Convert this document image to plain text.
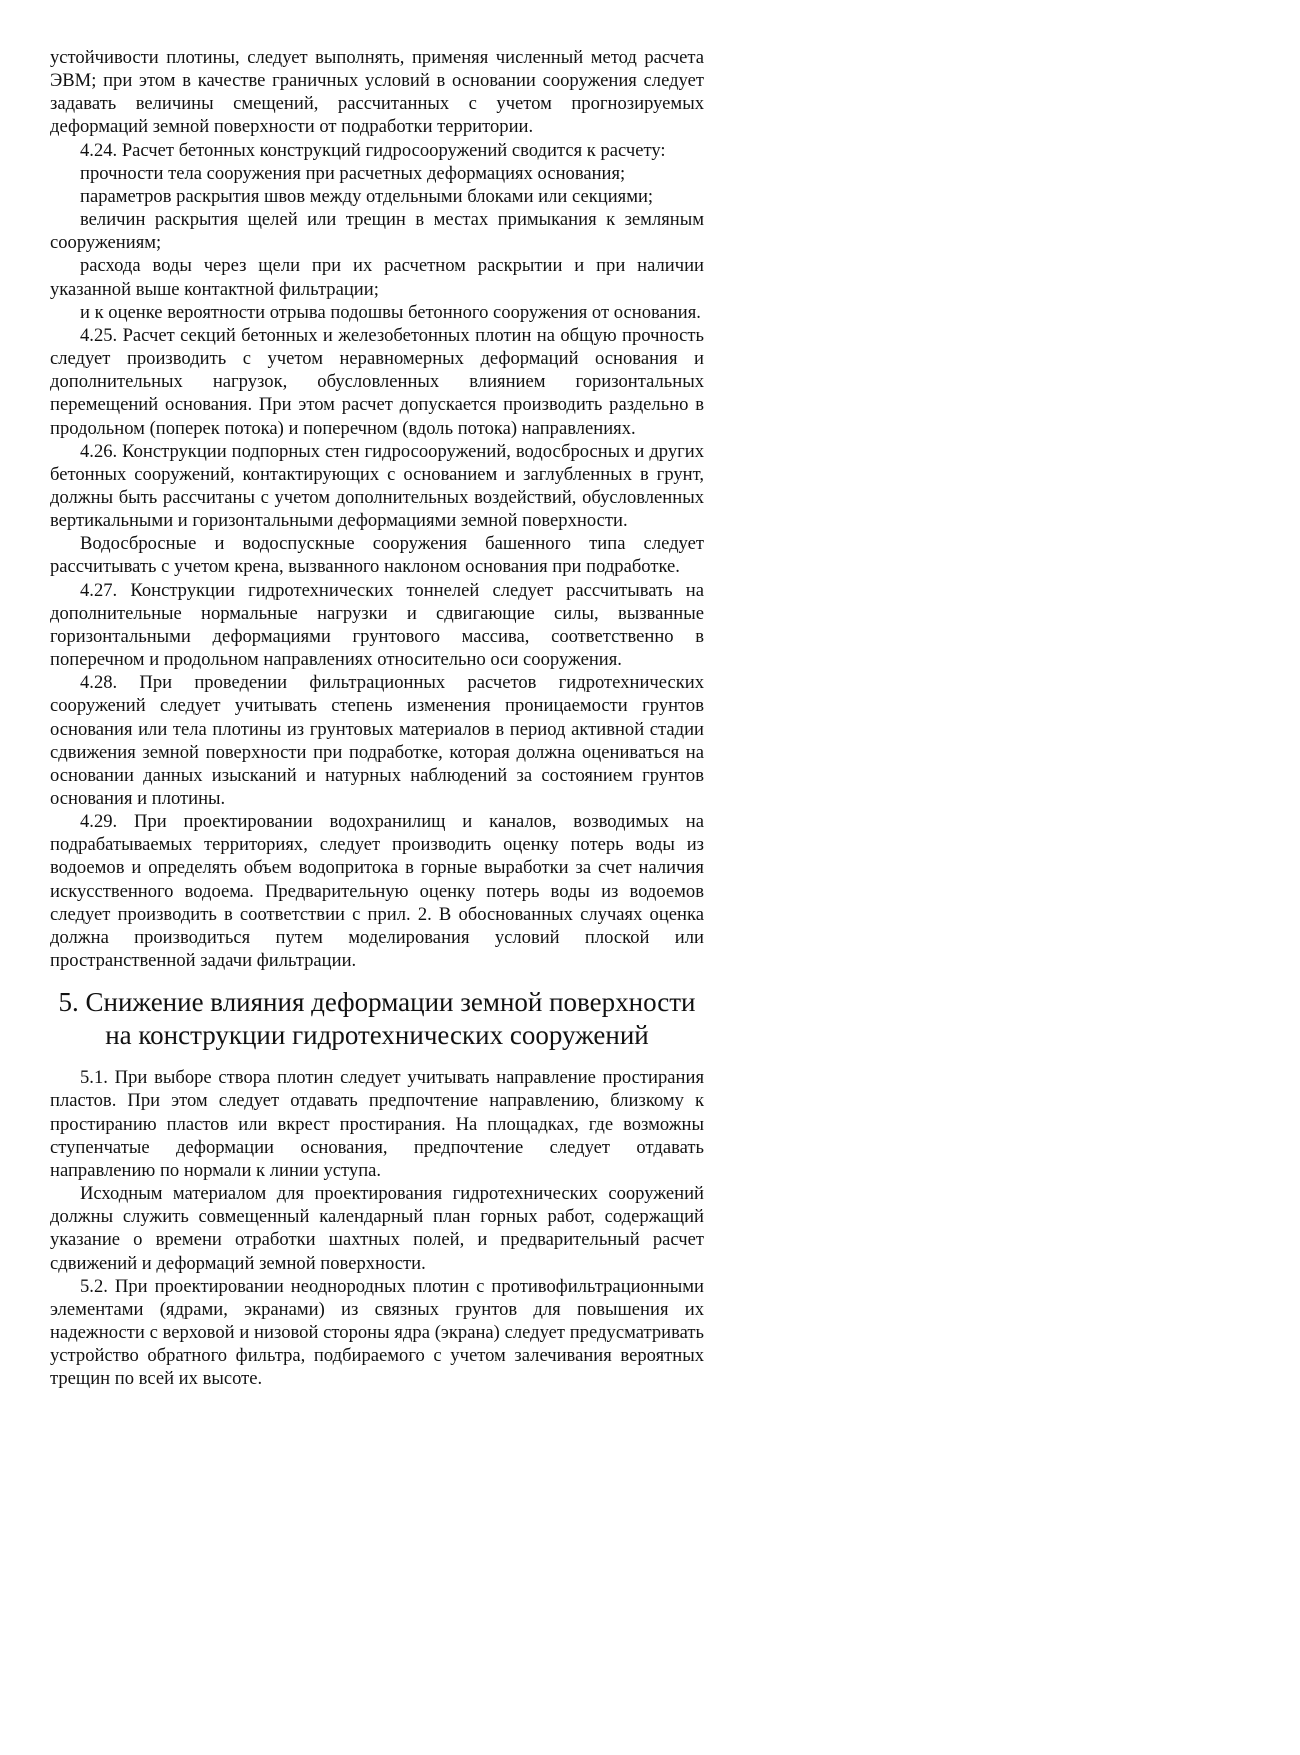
устойчивости плотины, следует выполнять, применяя численный метод расчета ЭВМ; при этом в качестве граничных условий в основании сооружения следует задавать величины смещений, рассчитанных с учетом прогнозируемых деформаций земной поверхности от подработки территории.

4.24. Расчет бетонных конструкций гидросооружений сводится к расчету:

прочности тела сооружения при расчетных деформациях основания;

параметров раскрытия швов между отдельными блоками или секциями;

величин раскрытия щелей или трещин в местах примыкания к земляным сооружениям;

расхода воды через щели при их расчетном раскрытии и при наличии указанной выше контактной фильтрации;

и к оценке вероятности отрыва подошвы бетонного сооружения от основания.

4.25. Расчет секций бетонных и железобетонных плотин на общую прочность следует производить с учетом неравномерных деформаций основания и дополнительных нагрузок, обусловленных влиянием горизонтальных перемещений основания. При этом расчет допускается производить раздельно в продольном (поперек потока) и поперечном (вдоль потока) направлениях.

4.26. Конструкции подпорных стен гидросооружений, водосбросных и других бетонных сооружений, контактирующих с основанием и заглубленных в грунт, должны быть рассчитаны с учетом дополнительных воздействий, обусловленных вертикальными и горизонтальными деформациями земной поверхности.

Водосбросные и водоспускные сооружения башенного типа следует рассчитывать с учетом крена, вызванного наклоном основания при подработке.

4.27. Конструкции гидротехнических тоннелей следует рассчитывать на дополнительные нормальные нагрузки и сдвигающие силы, вызванные горизонтальными деформациями грунтового массива, соответственно в поперечном и продольном направлениях относительно оси сооружения.

4.28. При проведении фильтрационных расчетов гидротехнических сооружений следует учитывать степень изменения проницаемости грунтов основания или тела плотины из грунтовых материалов в период активной стадии сдвижения земной поверхности при подработке, которая должна оцениваться на основании данных изысканий и натурных наблюдений за состоянием грунтов основания и плотины.

4.29. При проектировании водохранилищ и каналов, возводимых на подрабатываемых территориях, следует производить оценку потерь воды из водоемов и определять объем водопритока в горные выработки за счет наличия искусственного водоема. Предварительную оценку потерь воды из водоемов следует производить в соответствии с прил. 2. В обоснованных случаях оценка должна производиться путем моделирования условий плоской или пространственной задачи фильтрации.

5. Снижение влияния деформации земной поверхности на конструкции гидротехнических сооружений

5.1. При выборе створа плотин следует учитывать направление простирания пластов. При этом следует отдавать предпочтение направлению, близкому к простиранию пластов или вкрест простирания. На площадках, где возможны ступенчатые деформации основания, предпочтение следует отдавать направлению по нормали к линии уступа.

Исходным материалом для проектирования гидротехнических сооружений должны служить совмещенный календарный план горных работ, содержащий указание о времени отработки шахтных полей, и предварительный расчет сдвижений и деформаций земной поверхности.

5.2. При проектировании неоднородных плотин с противофильтрационными элементами (ядрами, экранами) из связных грунтов для повышения их надежности с верховой и низовой стороны ядра (экрана) следует предусматривать устройство обратного фильтра, подбираемого с учетом залечивания вероятных трещин по всей их высоте.
